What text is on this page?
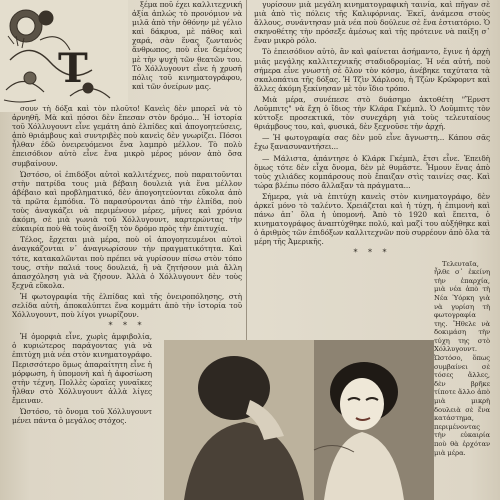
T

ξέμα ποῦ έχει καλλιτεχνική ἀξία ἀπλώς τὸ προνόμιον νὰ μιλᾶ ἀπὸ τὴν ὀθόνην μὲ γέλιο καὶ δάκρυα, μὲ πάθος καὶ χαρά, σὰν ἕνας ζωντανὸς ἄνθρωπος, ποὺ εἶνε δεμένος μὲ τὴν ψυχὴ τῶν θεατῶν του. Τὸ Χόλλυγουντ εἶνε ἡ χρυσῆ πόλις τοῦ κινηματογράφου, καὶ τῶν ὀνείρων μας.

σουν τὴ δόξα καὶ τὸν πλοῦτο! Κανεὶς δὲν μπορεῖ νὰ τὸ ἀρνηθῆ. Μὰ καὶ πόσοι δὲν ἔπεσαν στὸν δρόμο... Ἡ ἱστορία τοῦ Χόλλυγουντ εἶνε γεμάτη ἀπὸ ἐλπίδες καὶ ἀπογοητεύσεις, ἀπὸ θριάμβους καὶ συντριβὲς ποὺ κανεὶς δὲν γνωρίζει. Πόσοι ἦλθαν ἐδῶ ὀνειρευόμενοι ἕνα λαμπρὸ μέλλον. Τὸ πολὺ ἐπεισόδιον αὐτὸ εἶνε ἕνα μικρὸ μέρος μόνον ἀπὸ ὅσα συμβαίνουν.

Ὡστόσο, οἱ ἐπιδόξοι αὐτοὶ καλλιτέχνες, ποὺ παραιτοῦνται στὴν πατρίδα τους μιὰ βέβαιη δουλειὰ γιὰ ἕνα μέλλον ἀβέβαιο καὶ προβληματικό, δὲν ἀπογοητεύονται εὔκολα ἀπὸ τὰ πρῶτα ἐμπόδια. Τὸ παρασύρονται ἀπὸ τὴν ἐλπίδα, ποὺ τοὺς ἀναγκάζει νὰ περιμένουν μέρες, μῆνες καὶ χρόνια ἀκόμη, σὲ μιὰ γωνιὰ τοῦ Χόλλυγουντ, καρτερώντας τὴν εὐκαιρία ποὺ θὰ τοὺς ἀνοίξη τὸν δρόμο πρὸς τὴν ἐπιτυχία.

Τέλος, ἔρχεται μιὰ μέρα, ποὺ οἱ ἀπογοητευμένοι αὐτοὶ ἀναγκάζονται ν᾽ ἀναγνωρίσουν τὴν πραγματικότητα. Καὶ τότε, κατακαλῶνται ποὺ πρέπει νὰ γυρίσουν πίσω στὸν τόπο τους, στὴν παλιά τους δουλειά, ἢ νὰ ζητήσουν μιὰ ἄλλη ἀπασχόληση γιὰ νὰ ζήσουν. Ἀλλὰ ὁ Χόλλυγουντ δὲν τοὺς ξεχνᾶ εὔκολα.

Ἡ φωτογραφία τῆς ἐλπίδας καὶ τῆς ὀνειροπόλησης, στὴ σελίδα αὐτὴ, ἀποκαλύπτει ἕνα κομμάτι ἀπὸ τὴν ἱστορία τοῦ Χόλλυγουντ, ποὺ λίγοι γνωρίζουν.

* * *

Ἡ ὀμορφιὰ εἶνε, χωρὶς ἀμφιβολία, ὁ κυριώτερος παράγοντας γιὰ νὰ ἐπιτύχη μιὰ νέα στὸν κινηματογράφο. Περισσότερο ὅμως ἀπαραίτητη εἶνε ἡ μόρφωση, ἡ ὑπομονὴ καὶ ἡ ἀφοσίωση στὴν τέχνη. Πολλὲς ὡραῖες γυναῖκες ἦλθαν στὸ Χόλλυγουντ ἀλλὰ λίγες ἔμειναν.

Ὡστόσο, τὸ ὄνομα τοῦ Χόλλυγουντ μένει πάντα ὁ μεγάλος στόχος.

γυρίσουν μιὰ μεγάλη κινηματογραφικὴ ταινία, καὶ πῆγαν σὲ μιὰ ἀπὸ τὶς πόλεις τῆς Καλιφόρνιας. Ἐκεῖ, ἀνάμεσα στοὺς ἄλλους, συνάντησαν μιὰ νέα ποὺ δούλευε σὲ ἕνα ἐστιατόριο. Ὁ σκηνοθέτης τὴν πρόσεξε ἀμέσως καὶ τῆς πρότεινε νὰ παίξη σ᾽ ἕναν μικρὸ ρόλο.

Τὸ ἐπεισόδιον αὐτὸ, ἂν καὶ φαίνεται ἀσήμαντο, ἔγινε ἡ ἀρχὴ μιᾶς μεγάλης καλλιτεχνικῆς σταδιοδρομίας. Ἡ νέα αὐτή, ποὺ σήμερα εἶνε γνωστὴ σὲ ὅλον τὸν κόσμο, ἀνέβηκε ταχύτατα τὰ σκαλοπάτια τῆς δόξας. Ἡ Τζὶν Χάρλοου, ἡ Τζὼν Κρῶφορντ καὶ ἄλλες ἀκόμη ξεκίνησαν μὲ τὸν ἴδιο τρόπο.

Μιὰ μέρα, συνέπεσε στὸ δυάσημο ἀκτοθέτη "Ἔρνστ Λοῦμπιτς" νὰ ἔχη ὁ ἴδιος τὴν Κλάρα Γκέμπλ. Ὁ Λοῦμπιτς τὸν κύττοξε προσεκτικά, τὸν συνεχάρη γιὰ τοὺς τελευταίους θριάμβους του, καὶ, φυσικά, δὲν ξεχνοῦσε τὴν ἀρχή.

— Ἡ φωτογραφία σας δὲν μοῦ εἶνε ἄγνωστη... Κάπου σᾶς ἔχω ξανασυναντήσει...

— Μάλιστα, ἀπάντησε ὁ Κλάρκ Γκέμπλ, ἔτσι εἶνε. Ἐπειδὴ ὅμως τότε δὲν εἶχα ὄνομα, δὲν μὲ θυμᾶστε. Ἦμουν ἕνας ἀπὸ τοὺς χιλιάδες κομπάρσους ποὺ ἔπαιζαν στὶς ταινίες σας. Καὶ τώρα βλέπω πόσο ἄλλαξαν τὰ πράγματα...

Σήμερα, γιὰ νὰ ἐπιτύχη κανεὶς στὸν κινηματογράφο, δὲν ἀρκεῖ μόνο τὸ ταλέντο. Χρειάζεται καὶ ἡ τύχη, ἡ ἐπιμονὴ καὶ πάνω ἀπ᾽ ὅλα ἡ ὑπομονή. Ἀπὸ τὸ 1920 καὶ ἔπειτα, ὁ κινηματογράφος ἀναπτύχθηκε πολύ, καὶ μαζί του αὐξήθηκε καὶ ὁ ἀριθμὸς τῶν ἐπιδόξων καλλιτεχνῶν ποὺ συρρέουν ἀπὸ ὅλα τὰ μέρη τῆς Ἀμερικῆς.

* * *

Τελευταῖα, ἦλθε σ᾽ ἐκείνη τὴν ἐπαρχία, μιὰ νέα ἀπὸ τὴ Νέα Ὑόρκη γιὰ νὰ γυρίση τὴ φωτογραφία της. Ἤθελε νὰ δοκιμάση τὴν τύχη της στὸ Χόλλυγουντ. Ὡστόσο, ὅπως συμβαίνει σὲ τόσες ἄλλες, δὲν βρῆκε τίποτε ἄλλο ἀπὸ μιὰ μικρὴ δουλειὰ σὲ ἕνα κατάστημα, περιμένοντας τὴν εὐκαιρία ποὺ θὰ ἐρχόταν μιὰ μέρα.
